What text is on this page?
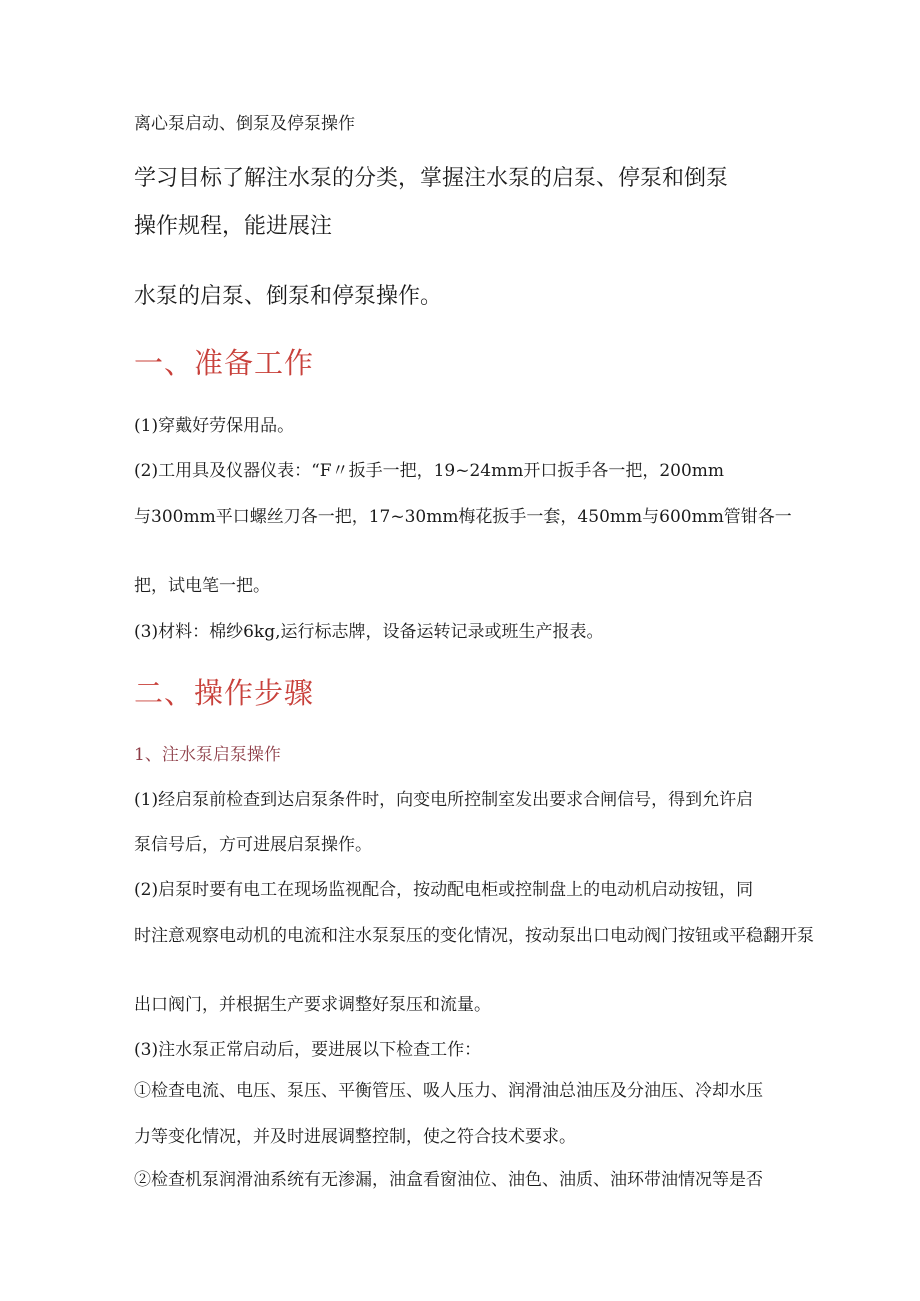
离心泵启动、倒泵及停泵操作
学习目标了解注水泵的分类，掌握注水泵的启泵、停泵和倒泵
操作规程，能进展注
水泵的启泵、倒泵和停泵操作。
一、准备工作
(1)穿戴好劳保用品。
(2)工用具及仪器仪表：“F〃扳手一把，19~24mm开口扳手各一把，200mm
与300mm平口螺丝刀各一把，17~30mm梅花扳手一套，450mm与600mm管钳各一
把，试电笔一把。
(3)材料：棉纱6kg,运行标志牌，设备运转记录或班生产报表。
二、操作步骤
1、注水泵启泵操作
(1)经启泵前检查到达启泵条件时，向变电所控制室发出要求合闸信号，得到允许启
泵信号后，方可进展启泵操作。
(2)启泵时要有电工在现场监视配合，按动配电柜或控制盘上的电动机启动按钮，同
时注意观察电动机的电流和注水泵泵压的变化情况，按动泵出口电动阀门按钮或平稳翻开泵
出口阀门，并根据生产要求调整好泵压和流量。
(3)注水泵正常启动后，要进展以下检查工作：
①检查电流、电压、泵压、平衡管压、吸人压力、润滑油总油压及分油压、冷却水压
力等变化情况，并及时进展调整控制，使之符合技术要求。
②检查机泵润滑油系统有无渗漏，油盒看窗油位、油色、油质、油环带油情况等是否
